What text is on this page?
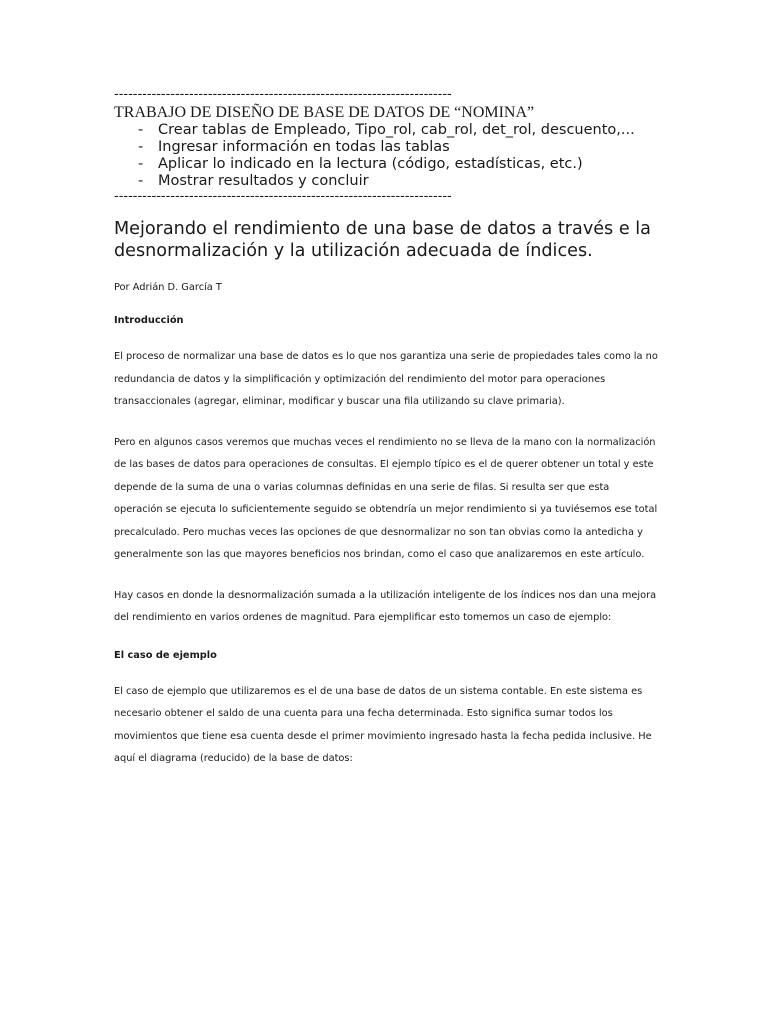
------------------------------------------------------------------------
TRABAJO DE DISEÑO DE BASE DE DATOS DE “NOMINA”
- Crear tablas de Empleado, Tipo_rol, cab_rol, det_rol, descuento,...
- Ingresar información en todas las tablas
- Aplicar lo indicado en la lectura (código, estadísticas, etc.)
- Mostrar resultados y concluir
------------------------------------------------------------------------
Mejorando el rendimiento de una base de datos a través e la desnormalización y la utilización adecuada de índices.

Por Adrián D. García T

Introducción

El proceso de normalizar una base de datos es lo que nos garantiza una serie de propiedades tales como la no redundancia de datos y la simplificación y optimización del rendimiento del motor para operaciones transaccionales (agregar, eliminar, modificar y buscar una fila utilizando su clave primaria).

Pero en algunos casos veremos que muchas veces el rendimiento no se lleva de la mano con la normalización de las bases de datos para operaciones de consultas. El ejemplo típico es el de querer obtener un total y este depende de la suma de una o varias columnas definidas en una serie de filas. Si resulta ser que esta operación se ejecuta lo suficientemente seguido se obtendría un mejor rendimiento si ya tuviésemos ese total precalculado. Pero muchas veces las opciones de que desnormalizar no son tan obvias como la antedicha y generalmente son las que mayores beneficios nos brindan, como el caso que analizaremos en este artículo.

Hay casos en donde la desnormalización sumada a la utilización inteligente de los índices nos dan una mejora del rendimiento en varios ordenes de magnitud. Para ejemplificar esto tomemos un caso de ejemplo:

El caso de ejemplo

El caso de ejemplo que utilizaremos es el de una base de datos de un sistema contable. En este sistema es necesario obtener el saldo de una cuenta para una fecha determinada. Esto significa sumar todos los movimientos que tiene esa cuenta desde el primer movimiento ingresado hasta la fecha pedida inclusive. He aquí el diagrama (reducido) de la base de datos:
